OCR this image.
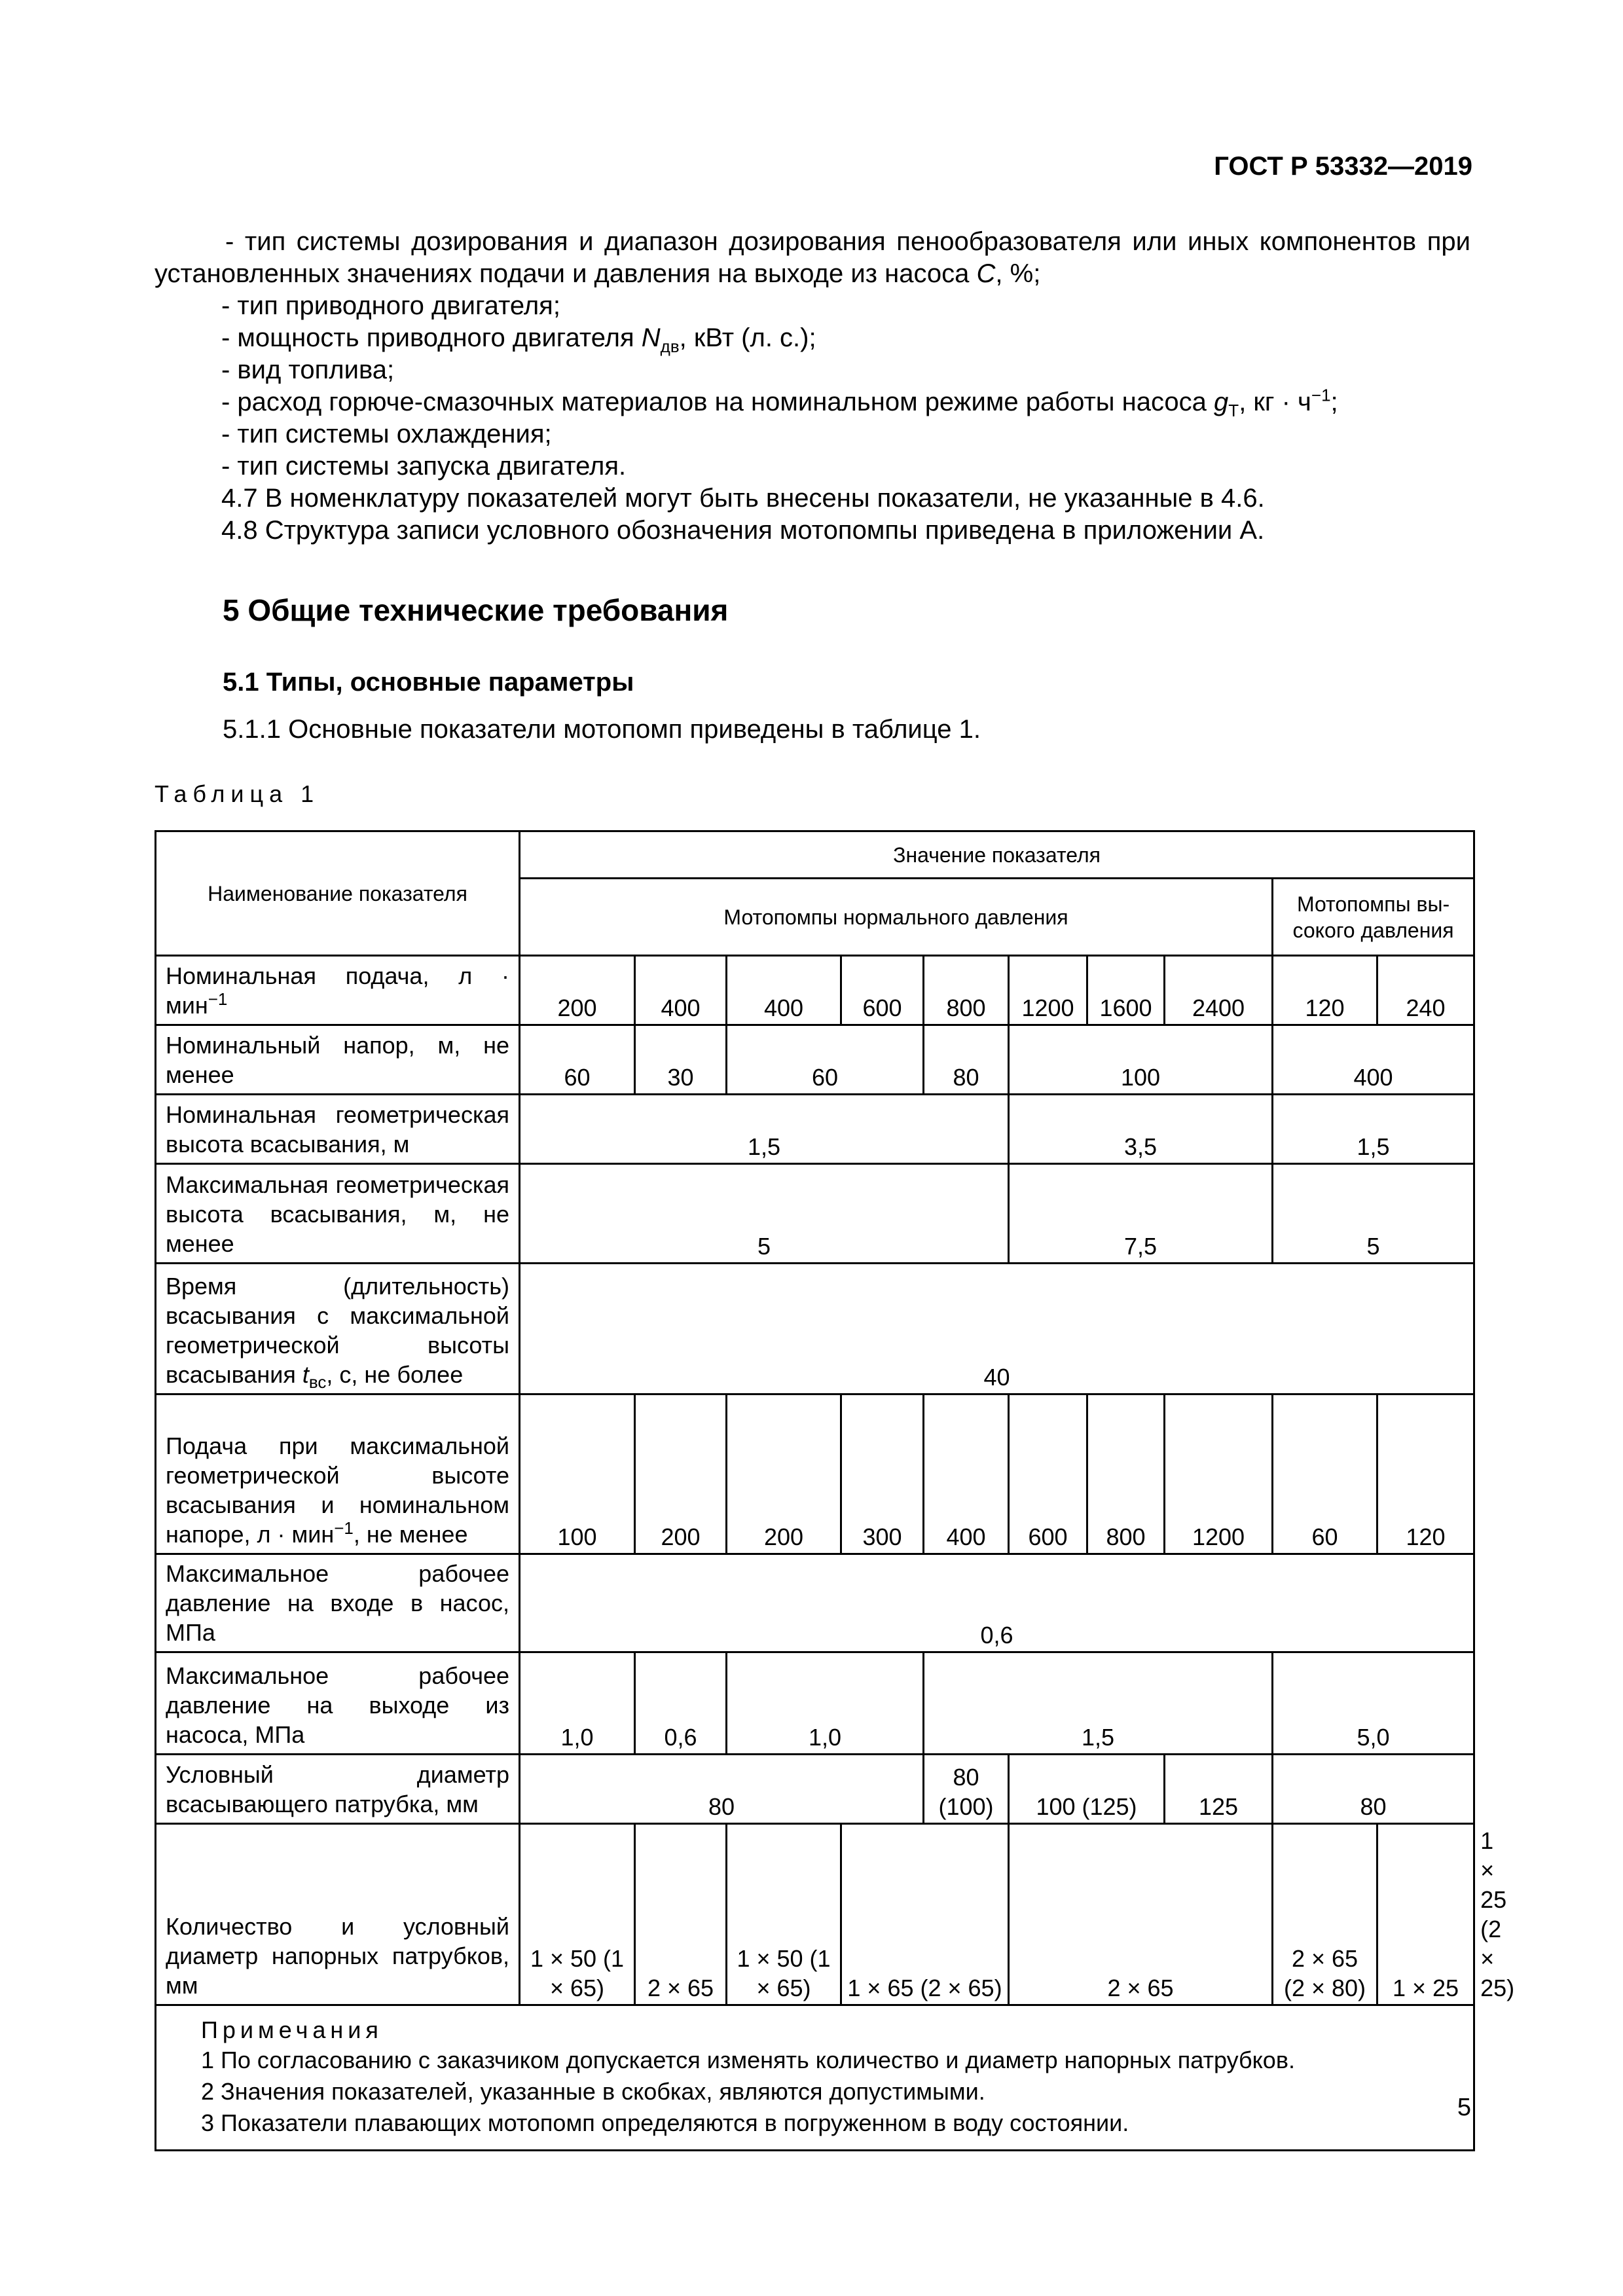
ГОСТ Р 53332—2019

- тип системы дозирования и диапазон дозирования пенообразователя или иных компонентов при установленных значениях подачи и давления на выходе из насоса С, %;

- тип приводного двигателя;

- мощность приводного двигателя $N_{дв}$, кВт (л. с.);

- вид топлива;

- расход горюче-смазочных материалов на номинальном режиме работы насоса $g_Т$, кг · $ч^{-1}$;

- тип системы охлаждения;

- тип системы запуска двигателя.

4.7 В номенклатуру показателей могут быть внесены показатели, не указанные в 4.6.

4.8 Структура записи условного обозначения мотопомпы приведена в приложении А.

5 Общие технические требования
5.1 Типы, основные параметры
5.1.1 Основные показатели мотопомп приведены в таблице 1.
Таблица 1
Наименование показателя	Значение показателя										
	Мотопомпы нормального давления								Мотопомпы вы-сокого давления		
Номинальная подача, л · мин$^{-1}$	200	400	400	600	800	1200	1600	2400	120	240	
Номинальный напор, м, не менее	60	30	60		80	100			400		
Номинальная геометрическая высота всасывания, м	1,5					3,5			1,5		
Максимальная геометрическая высота всасывания, м, не менее	5					7,5			5		
Время (длительность) всасывания с максимальной геометрической высоты всасывания $t_{вс}$, с, не более	40										
Подача при максимальной геометрической высоте всасывания и номинальном напоре, л · мин$^{-1}$, не менее	100	200	200	300	400	600	800	1200	60	120	
Максимальное рабочее давление на входе в насос, МПа	0,6										
Максимальное рабочее давление на выходе из насоса, МПа	1,0	0,6	1,0		1,5				5,0		
Условный диаметр всасывающего патрубка, мм	80				80 (100)	100 (125)		125	80		
Количество и условный диаметр напорных патрубков, мм	1 × 50 (1 × 65)	2 × 65	1 × 50 (1 × 65)	1 × 65 (2 × 65)		2 × 65			2 × 65 (2 × 80)	1 × 25	1 × 25 (2 × 25)

Примечания
1 По согласованию с заказчиком допускается изменять количество и диаметр напорных патрубков.
2 Значения показателей, указанные в скобках, являются допустимыми.
3 Показатели плавающих мотопомп определяются в погруженном в воду состоянии.											
5
